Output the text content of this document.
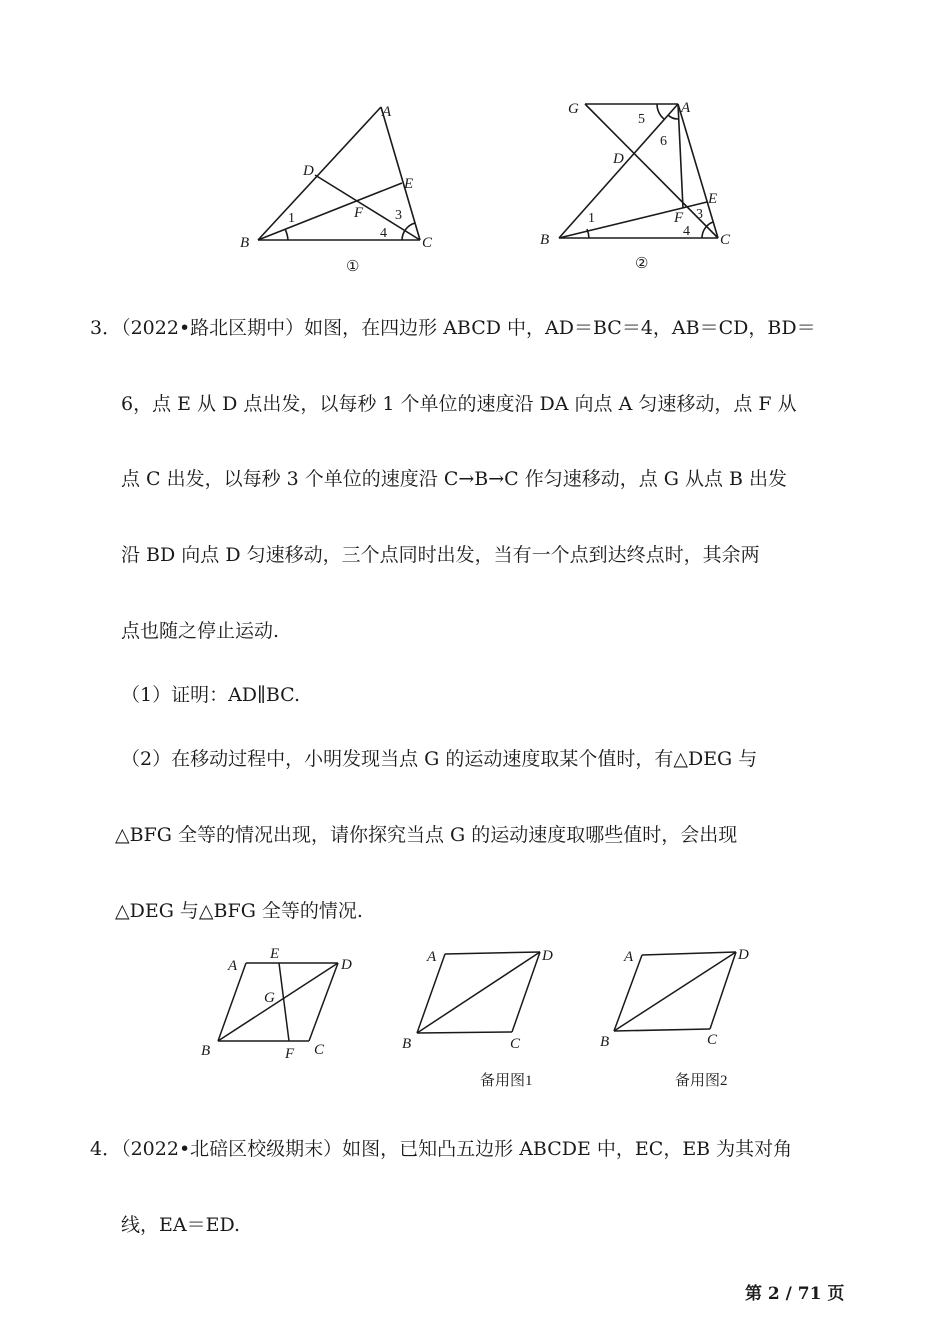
A
B	C
D
E
F
1	3
4
①
G	A
B	C
D
E
F
5
6
1	3
4
②
3．（2022•路北区期中）如图，在四边形 ABCD 中，AD＝BC＝4，AB＝CD，BD＝
6，点 E 从 D 点出发，以每秒 1 个单位的速度沿 DA 向点 A 匀速移动，点 F 从
点 C 出发，以每秒 3 个单位的速度沿 C→B→C 作匀速移动，点 G 从点 B 出发
沿 BD 向点 D 匀速移动，三个点同时出发，当有一个点到达终点时，其余两
点也随之停止运动.
（1）证明：AD∥BC.
（2）在移动过程中，小明发现当点 G 的运动速度取某个值时，有△DEG 与
△BFG 全等的情况出现，请你探究当点 G 的运动速度取哪些值时，会出现
△DEG 与△BFG 全等的情况.
A
E
D
G
B	F C
A	D
B	C
备用图1
A	D
B	C
备用图2
4．（2022•北碚区校级期末）如图，已知凸五边形 ABCDE 中，EC，EB 为其对角
线，EA＝ED.
第 2 / 71 页
